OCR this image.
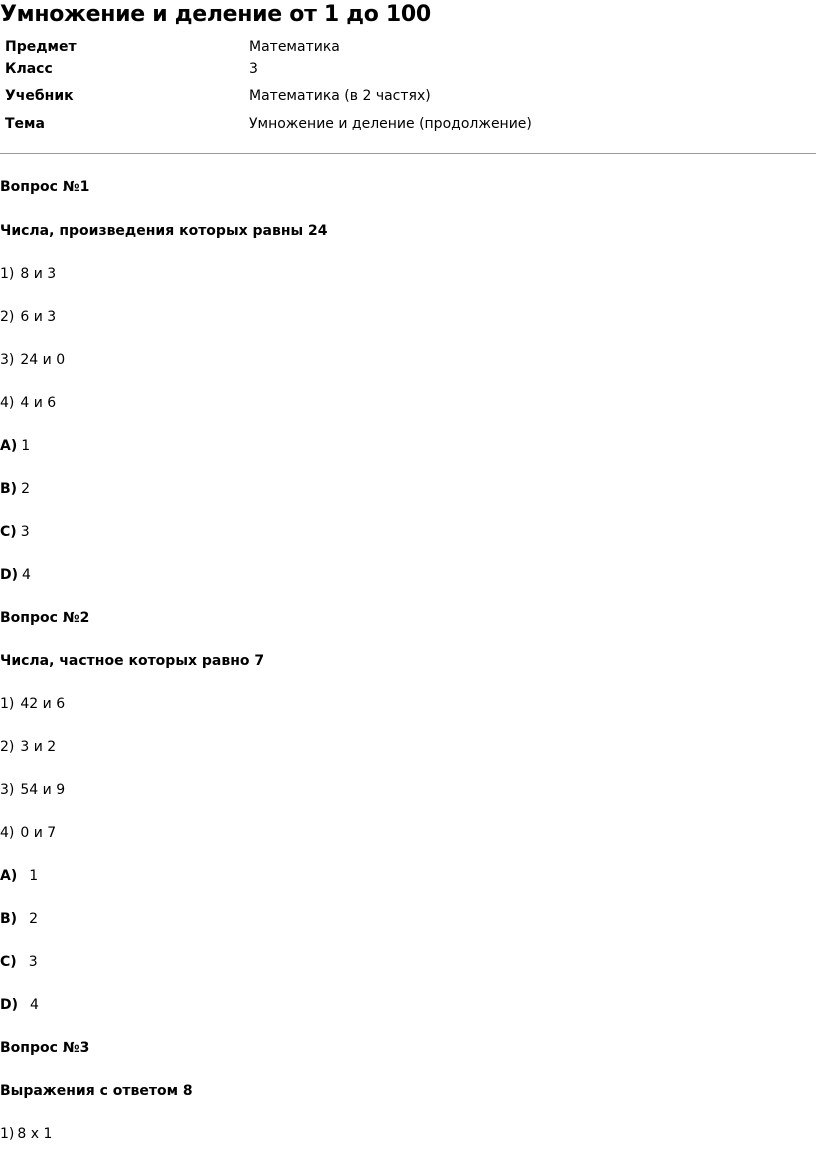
Умножение и деление от 1 до 100
Предмет	Математика
Класс	3
Учебник	Математика (в 2 частях)
Тема	Умножение и деление (продолжение)
Вопрос №1
Числа, произведения которых равны 24
1) 8 и 3
2) 6 и 3
3) 24 и 0
4) 4 и 6
A) 1
B) 2
C) 3
D) 4
Вопрос №2
Числа, частное которых равно 7
1) 42 и 6
2) 3 и 2
3) 54 и 9
4) 0 и 7
A) 1
B) 2
C) 3
D) 4
Вопрос №3
Выражения с ответом 8
1) 8 x 1
